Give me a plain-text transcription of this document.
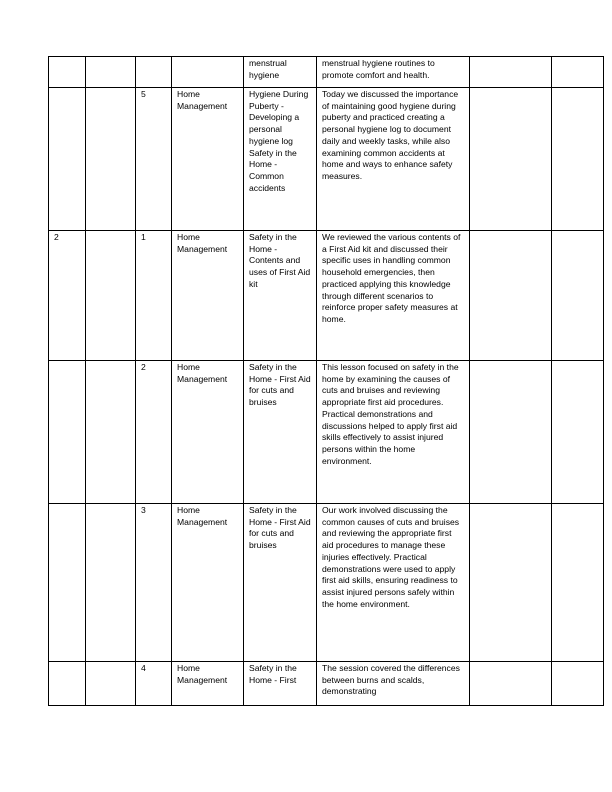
				menstrual hygiene	menstrual hygiene routines to promote comfort and health.		

		5	Home Management	Hygiene During Puberty - Developing a personal hygiene log Safety in the Home - Common accidents	Today we discussed the importance of maintaining good hygiene during puberty and practiced creating a personal hygiene log to document daily and weekly tasks, while also examining common accidents at home and ways to enhance safety measures.		

2		1	Home Management	Safety in the Home - Contents and uses of First Aid kit	We reviewed the various contents of a First Aid kit and discussed their specific uses in handling common household emergencies, then practiced applying this knowledge through different scenarios to reinforce proper safety measures at home.		

		2	Home Management	Safety in the Home - First Aid for cuts and bruises	This lesson focused on safety in the home by examining the causes of cuts and bruises and reviewing appropriate first aid procedures. Practical demonstrations and discussions helped to apply first aid skills effectively to assist injured persons within the home environment.		

		3	Home Management	Safety in the Home - First Aid for cuts and bruises	Our work involved discussing the common causes of cuts and bruises and reviewing the appropriate first aid procedures to manage these injuries effectively. Practical demonstrations were used to apply first aid skills, ensuring readiness to assist injured persons safely within the home environment.		

		4	Home Management	Safety in the Home - First	The session covered the differences between burns and scalds, demonstrating		
